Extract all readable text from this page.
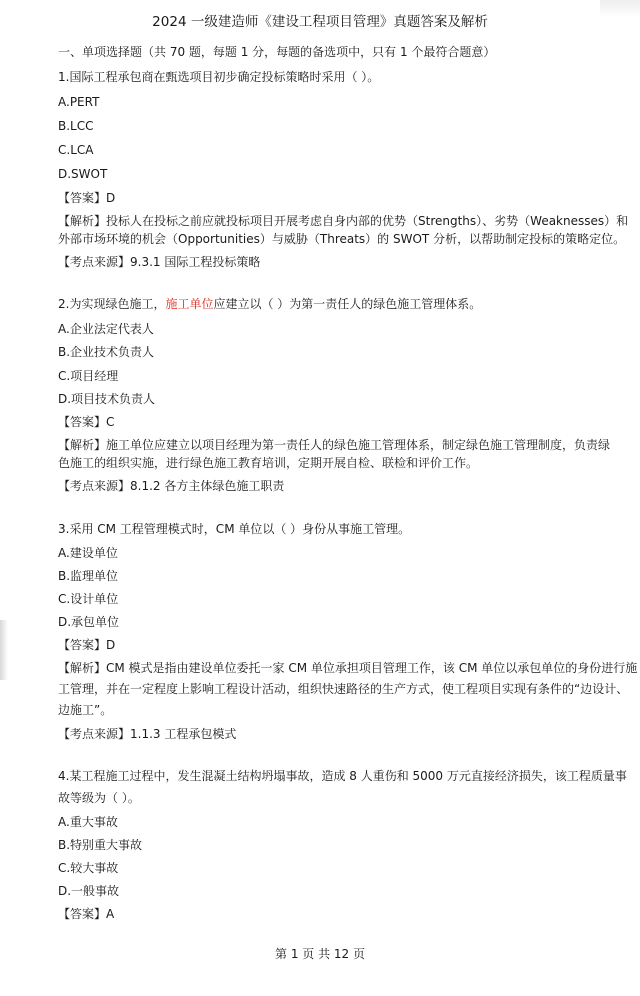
2024 一级建造师《建设工程项目管理》真题答案及解析
一、单项选择题（共 70 题，每题 1 分，每题的备选项中，只有 1 个最符合题意）
1.国际工程承包商在甄选项目初步确定投标策略时采用（ ）。
A.PERT
B.LCC
C.LCA
D.SWOT
【答案】D
【解析】投标人在投标之前应就投标项目开展考虑自身内部的优势（Strengths）、劣势（Weaknesses）和
外部市场环境的机会（Opportunities）与威胁（Threats）的 SWOT 分析，以帮助制定投标的策略定位。
【考点来源】9.3.1 国际工程投标策略
2.为实现绿色施工，施工单位应建立以（ ）为第一责任人的绿色施工管理体系。
A.企业法定代表人
B.企业技术负责人
C.项目经理
D.项目技术负责人
【答案】C
【解析】施工单位应建立以项目经理为第一责任人的绿色施工管理体系，制定绿色施工管理制度，负责绿
色施工的组织实施，进行绿色施工教育培训，定期开展自检、联检和评价工作。
【考点来源】8.1.2 各方主体绿色施工职责
3.采用 CM 工程管理模式时，CM 单位以（ ）身份从事施工管理。
A.建设单位
B.监理单位
C.设计单位
D.承包单位
【答案】D
【解析】CM 模式是指由建设单位委托一家 CM 单位承担项目管理工作，该 CM 单位以承包单位的身份进行施
工管理，并在一定程度上影响工程设计活动，组织快速路径的生产方式，使工程项目实现有条件的“边设计、
边施工”。
【考点来源】1.1.3 工程承包模式
4.某工程施工过程中，发生混凝土结构坍塌事故，造成 8 人重伤和 5000 万元直接经济损失，该工程质量事
故等级为（ ）。
A.重大事故
B.特别重大事故
C.较大事故
D.一般事故
【答案】A
第 1 页 共 12 页
